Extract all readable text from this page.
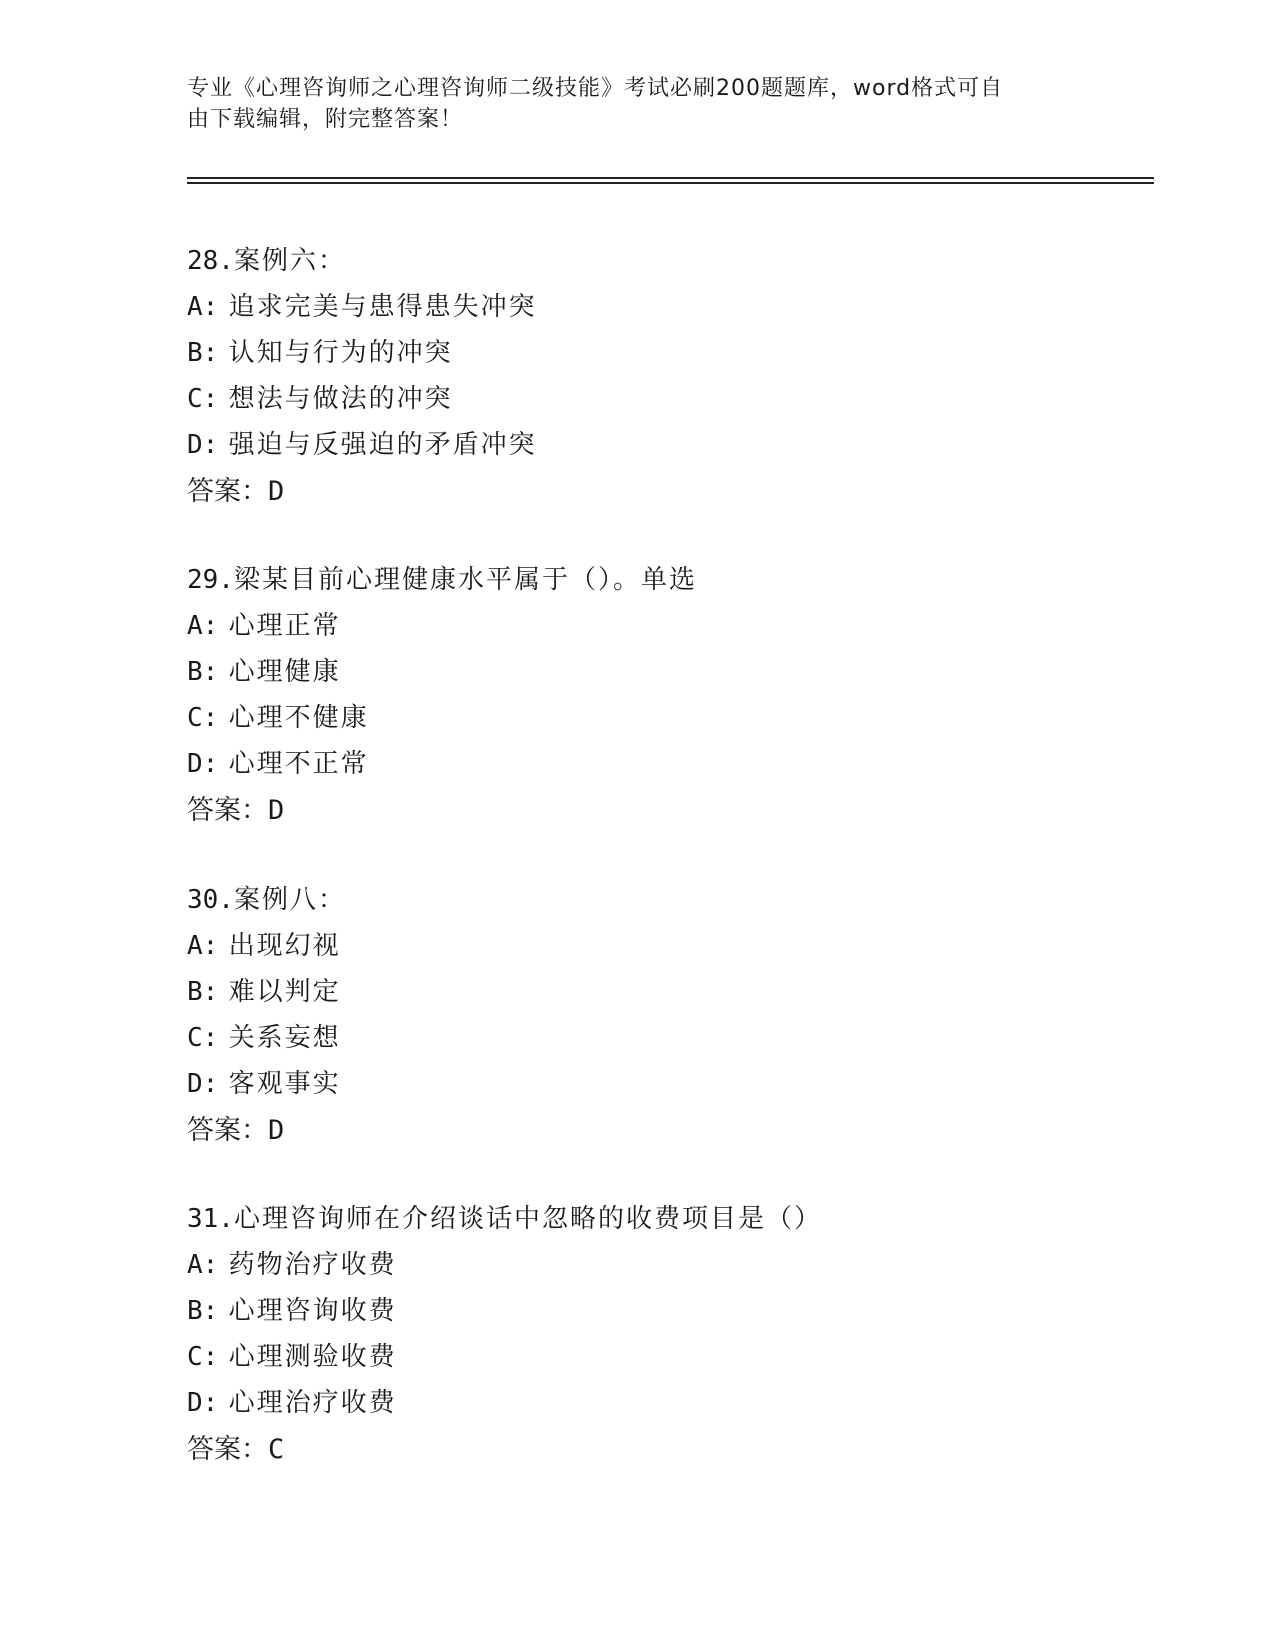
专业《心理咨询师之心理咨询师二级技能》考试必刷200题题库，word格式可自

由下载编辑，附完整答案！

28.案例六：
A: 追求完美与患得患失冲突
B: 认知与行为的冲突
C: 想法与做法的冲突
D: 强迫与反强迫的矛盾冲突
答案：D
29.梁某目前心理健康水平属于（）。单选
A: 心理正常
B: 心理健康
C: 心理不健康
D: 心理不正常
答案：D
30.案例八：
A: 出现幻视
B: 难以判定
C: 关系妄想
D: 客观事实
答案：D
31.心理咨询师在介绍谈话中忽略的收费项目是（）
A: 药物治疗收费
B: 心理咨询收费
C: 心理测验收费
D: 心理治疗收费
答案：C
